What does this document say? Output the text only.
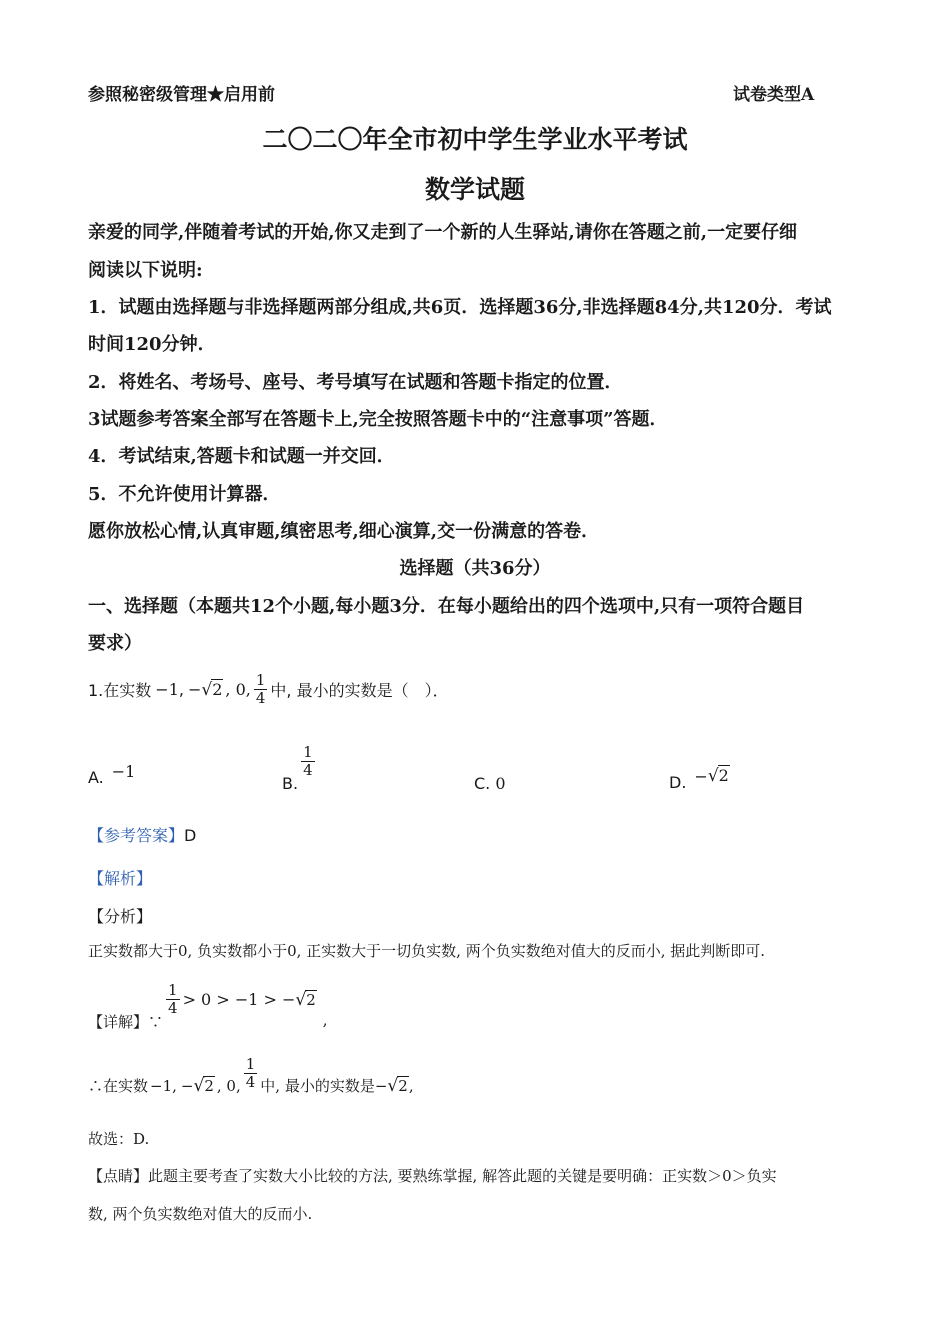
参照秘密级管理★启用前	试卷类型A
二〇二〇年全市初中学生学业水平考试
数学试题
亲爱的同学,伴随着考试的开始,你又走到了一个新的人生驿站,请你在答题之前,一定要仔细
阅读以下说明:
1．试题由选择题与非选择题两部分组成,共6页．选择题36分,非选择题84分,共120分．考试
时间120分钟．
2．将姓名、考场号、座号、考号填写在试题和答题卡指定的位置．
3试题参考答案全部写在答题卡上,完全按照答题卡中的“注意事项”答题．
4．考试结束,答题卡和试题一并交回．
5．不允许使用计算器．
愿你放松心情,认真审题,缜密思考,细心演算,交一份满意的答卷．
选择题（共36分）
一、选择题（本题共12个小题,每小题3分．在每小题给出的四个选项中,只有一项符合题目
要求）
1.在实数 −1 , − √2 , 0, $\frac{1}{4}$ 中, 最小的实数是（　）．
A. −1
B.
$\frac{1}{4}$
C. 0	D. − √2
【参考答案】D
【解析】
【分析】
正实数都大于0, 负实数都小于0, 正实数大于一切负实数, 两个负实数绝对值大的反而小, 据此判断即可.
【详解】∵
$\frac{1}{4} > 0 > -1$ > − √2
,
∴在实数 −1 , − √2 , 0, $\frac{1}{4}$ 中, 最小的实数是 − √2 ,
故选：D.
【点睛】此题主要考查了实数大小比较的方法, 要熟练掌握, 解答此题的关键是要明确：正实数＞0＞负实
数, 两个负实数绝对值大的反而小.
